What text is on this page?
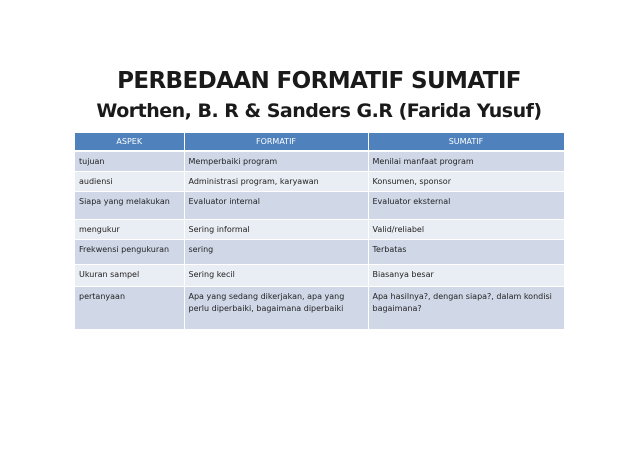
PERBEDAAN FORMATIF SUMATIF
Worthen, B. R & Sanders G.R (Farida Yusuf)
ASPEK	FORMATIF	SUMATIF
tujuan	Memperbaiki program	Menilai manfaat program
audiensi	Administrasi program, karyawan	Konsumen, sponsor
Siapa yang melakukan	Evaluator internal	Evaluator eksternal
mengukur	Sering informal	Valid/reliabel
Frekwensi pengukuran	sering	Terbatas
Ukuran sampel	Sering kecil	Biasanya besar
pertanyaan	Apa yang sedang dikerjakan, apa yang perlu diperbaiki, bagaimana diperbaiki	Apa hasilnya?, dengan siapa?, dalam kondisi bagaimana?
